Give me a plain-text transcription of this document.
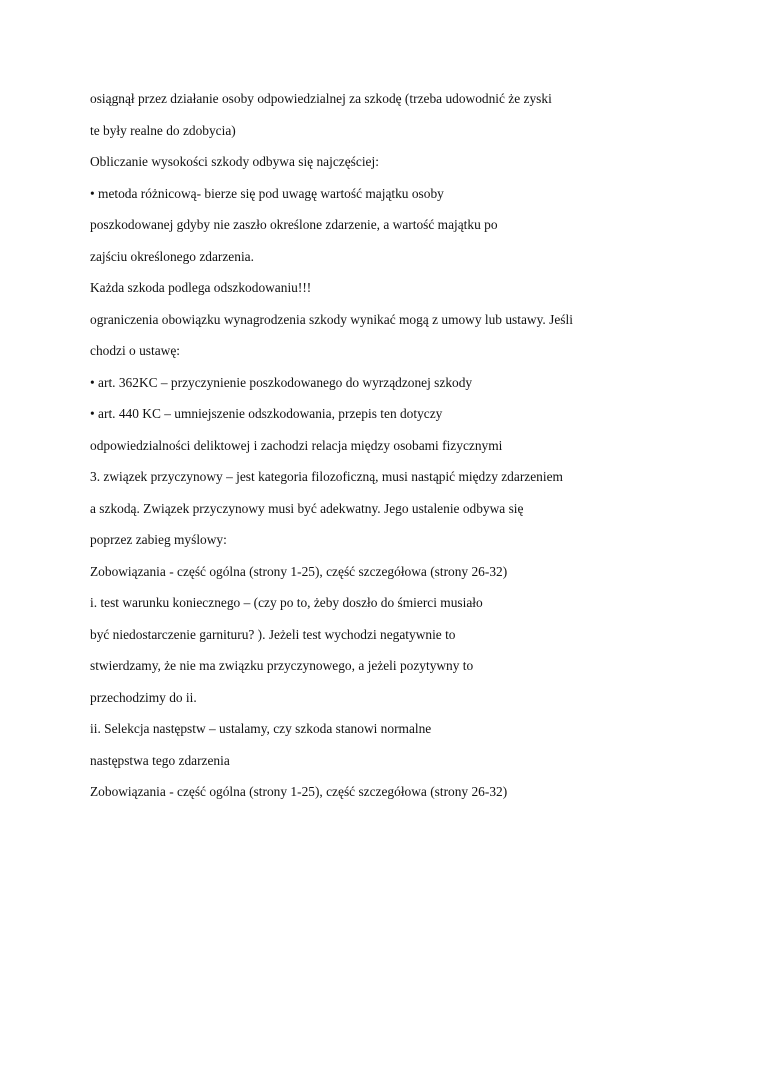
osiągnął przez działanie osoby odpowiedzialnej za szkodę (trzeba udowodnić że zyski
te były realne do zdobycia)
Obliczanie wysokości szkody odbywa się najczęściej:
• metoda różnicową- bierze się pod uwagę wartość majątku osoby
poszkodowanej gdyby nie zaszło określone zdarzenie, a wartość majątku po
zajściu określonego zdarzenia.
Każda szkoda podlega odszkodowaniu!!!
ograniczenia obowiązku wynagrodzenia szkody wynikać mogą z umowy lub ustawy. Jeśli
chodzi o ustawę:
• art. 362KC – przyczynienie poszkodowanego do wyrządzonej szkody
• art. 440 KC – umniejszenie odszkodowania, przepis ten dotyczy
odpowiedzialności deliktowej i zachodzi relacja między osobami fizycznymi
3. związek przyczynowy – jest kategoria filozoficzną, musi nastąpić między zdarzeniem
a szkodą. Związek przyczynowy musi być adekwatny. Jego ustalenie odbywa się
poprzez zabieg myślowy:
Zobowiązania - część ogólna (strony 1-25), część szczegółowa (strony 26-32)
i. test warunku koniecznego – (czy po to, żeby doszło do śmierci musiało
być niedostarczenie garnituru? ). Jeżeli test wychodzi negatywnie to
stwierdzamy, że nie ma związku przyczynowego, a jeżeli pozytywny to
przechodzimy do ii.
ii. Selekcja następstw – ustalamy, czy szkoda stanowi normalne
następstwa tego zdarzenia
Zobowiązania - część ogólna (strony 1-25), część szczegółowa (strony 26-32)
